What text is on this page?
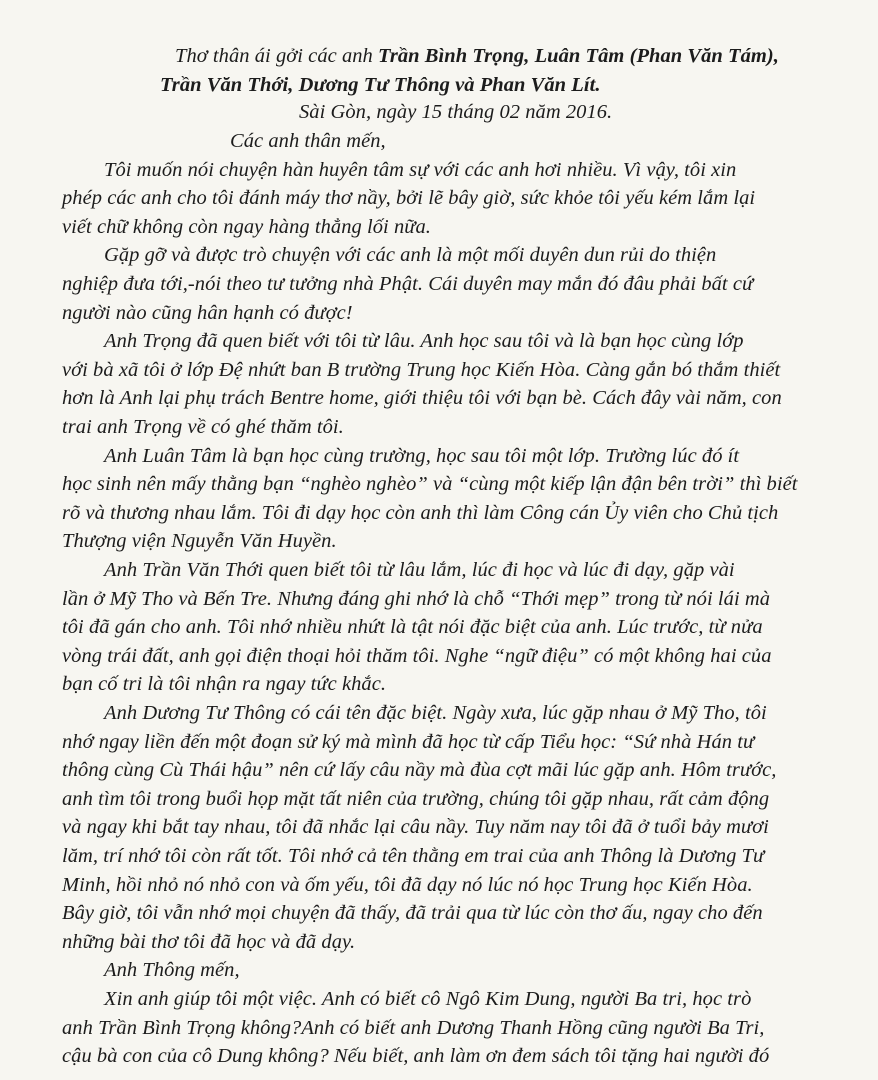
Thơ thân ái gởi các anh Trần Bình Trọng, Luân Tâm (Phan Văn Tám),
Trần Văn Thới, Dương Tư Thông và Phan Văn Lít.
Sài Gòn, ngày 15 tháng 02 năm 2016.
Các anh thân mến,
Tôi muốn nói chuyện hàn huyên tâm sự với các anh hơi nhiều. Vì vậy, tôi xin
phép các anh cho tôi đánh máy thơ nầy, bởi lẽ bây giờ, sức khỏe tôi yếu kém lắm lại
viết chữ không còn ngay hàng thẳng lối nữa.
Gặp gỡ và được trò chuyện với các anh là một mối duyên dun rủi do thiện
nghiệp đưa tới,-nói theo tư tưởng nhà Phật. Cái duyên may mắn đó đâu phải bất cứ
người nào cũng hân hạnh có được!
Anh Trọng đã quen biết với tôi từ lâu. Anh học sau tôi và là bạn học cùng lớp
với bà xã tôi ở lớp Đệ nhứt ban B trường Trung học Kiến Hòa. Càng gắn bó thắm thiết
hơn là Anh lại phụ trách Bentre home, giới thiệu tôi với bạn bè. Cách đây vài năm, con
trai anh Trọng về có ghé thăm tôi.
Anh Luân Tâm là bạn học cùng trường, học sau tôi một lớp. Trường lúc đó ít
học sinh nên mấy thằng bạn “nghèo nghèo” và “cùng một kiếp lận đận bên trời” thì biết
rõ và thương nhau lắm. Tôi đi dạy học còn anh thì làm Công cán Ủy viên cho Chủ tịch
Thượng viện Nguyễn Văn Huyền.
Anh Trần Văn Thới quen biết tôi từ lâu lắm, lúc đi học và lúc đi dạy, gặp vài
lần ở Mỹ Tho và Bến Tre. Nhưng đáng ghi nhớ là chỗ “Thới mẹp” trong từ nói lái mà
tôi đã gán cho anh. Tôi nhớ nhiều nhứt là tật nói đặc biệt của anh. Lúc trước, từ nửa
vòng trái đất, anh gọi điện thoại hỏi thăm tôi. Nghe “ngữ điệu” có một không hai của
bạn cố tri là tôi nhận ra ngay tức khắc.
Anh Dương Tư Thông có cái tên đặc biệt. Ngày xưa, lúc gặp nhau ở Mỹ Tho, tôi
nhớ ngay liền đến một đoạn sử ký mà mình đã học từ cấp Tiểu học: “Sứ nhà Hán tư
thông cùng Cù Thái hậu” nên cứ lấy câu nầy mà đùa cợt mãi lúc gặp anh. Hôm trước,
anh tìm tôi trong buổi họp mặt tất niên của trường, chúng tôi gặp nhau, rất cảm động
và ngay khi bắt tay nhau, tôi đã nhắc lại câu nầy. Tuy năm nay tôi đã ở tuổi bảy mươi
lăm, trí nhớ tôi còn rất tốt. Tôi nhớ cả tên thằng em trai của anh Thông là Dương Tư
Minh, hồi nhỏ nó nhỏ con và ốm yếu, tôi đã dạy nó lúc nó học Trung học Kiến Hòa.
Bây giờ, tôi vẫn nhớ mọi chuyện đã thấy, đã trải qua từ lúc còn thơ ấu, ngay cho đến
những bài thơ tôi đã học và đã dạy.
Anh Thông mến,
Xin anh giúp tôi một việc. Anh có biết cô Ngô Kim Dung, người Ba tri, học trò
anh Trần Bình Trọng không?Anh có biết anh Dương Thanh Hồng cũng người Ba Tri,
cậu bà con của cô Dung không? Nếu biết, anh làm ơn đem sách tôi tặng hai người đó
